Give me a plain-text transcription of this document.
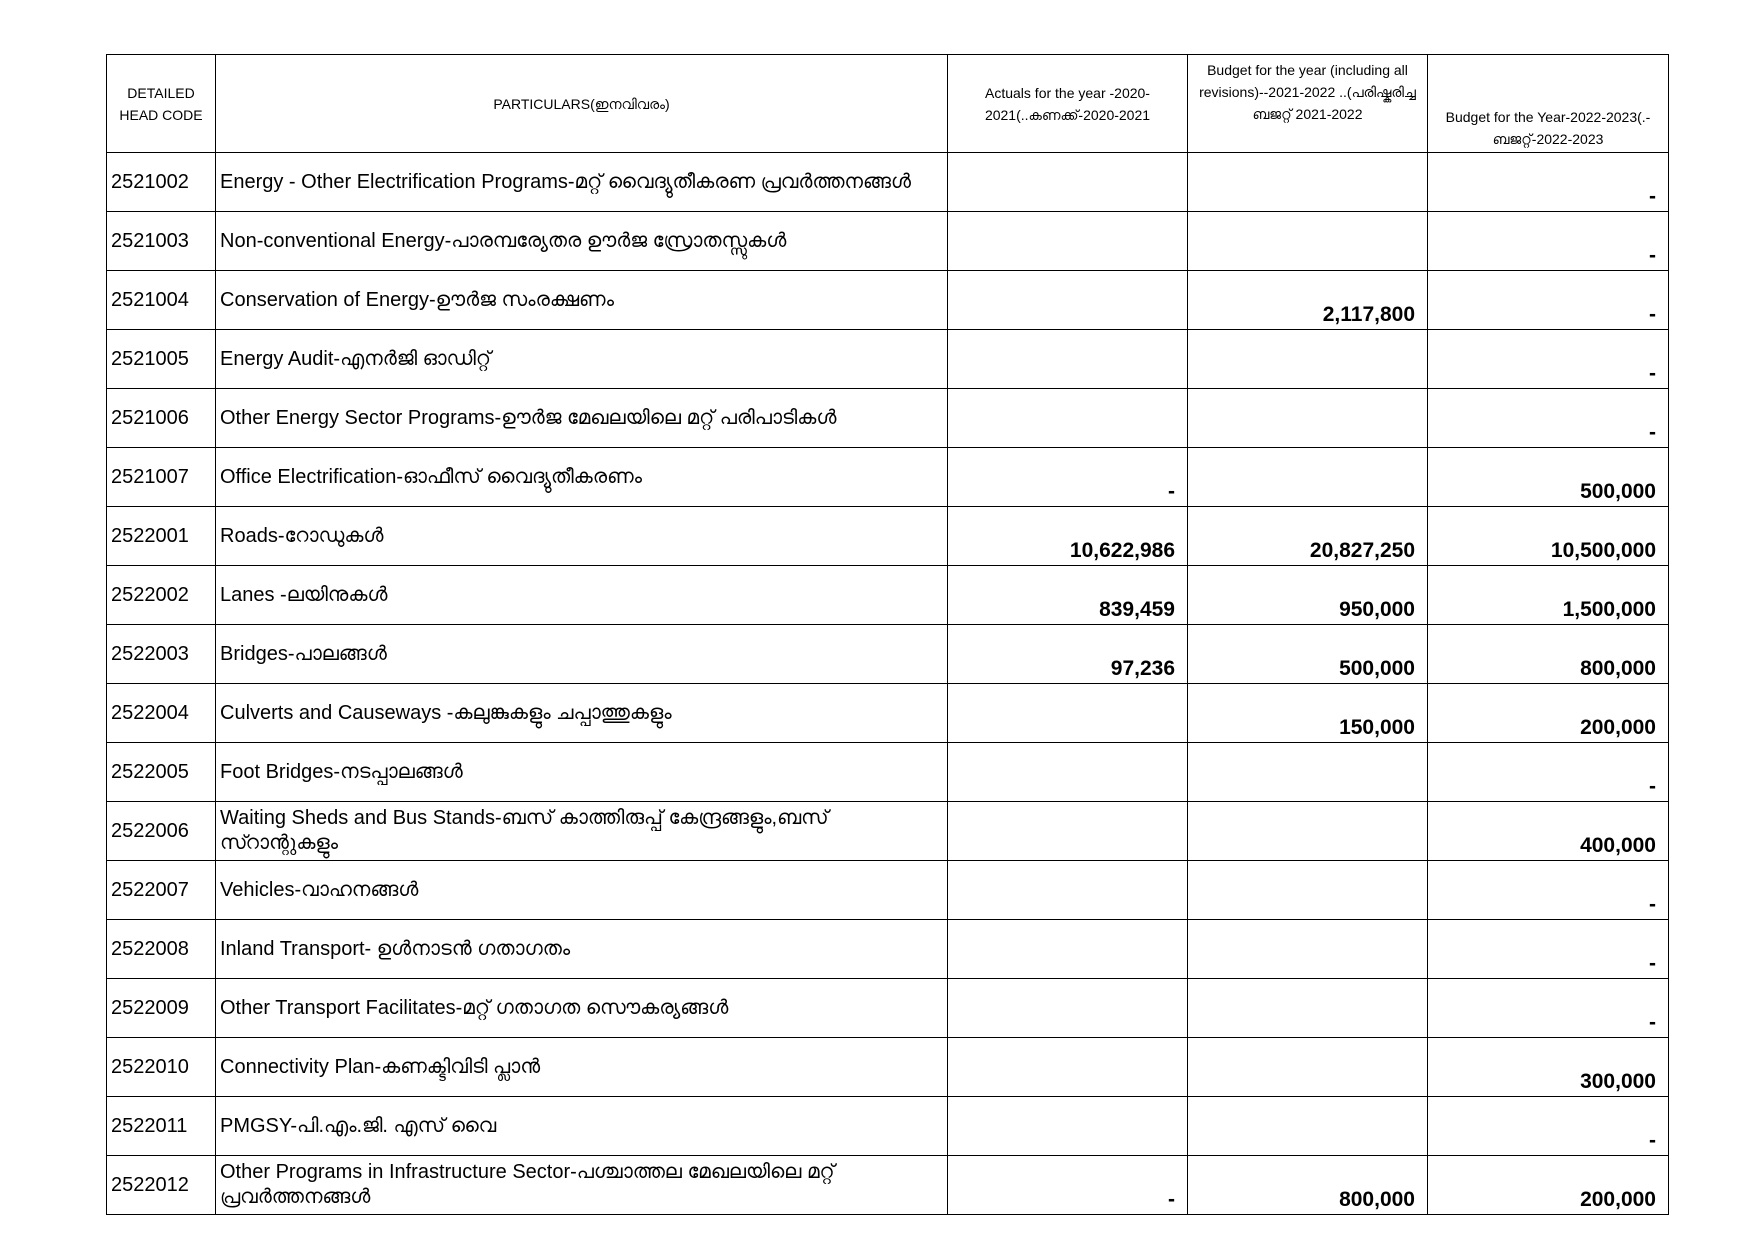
DETAILED HEAD CODE	PARTICULARS(ഇനവിവരം)	Actuals for the year -2020-2021(..കണക്ക്-2020-2021	Budget for the year (including all revisions)--2021-2022 ..(പരിഷ്കരിച്ച ബജറ്റ് 2021-2022	Budget for the Year-2022-2023(.-ബജറ്റ്-2022-2023
2521002	Energy - Other Electrification Programs-മറ്റ് വൈദ്യുതീകരണ പ്രവർത്തനങ്ങൾ			-
2521003	Non-conventional Energy-പാരമ്പര്യേതര ഊർജ സ്രോതസ്സുകൾ			-
2521004	Conservation of Energy-ഊർജ സംരക്ഷണം		2,117,800	-
2521005	Energy Audit-എനർജി ഓഡിറ്റ്			-
2521006	Other Energy Sector Programs-ഊർജ മേഖലയിലെ മറ്റ് പരിപാടികൾ			-
2521007	Office Electrification-ഓഫീസ് വൈദ്യുതീകരണം	-		500,000
2522001	Roads-റോഡുകൾ	10,622,986	20,827,250	10,500,000
2522002	Lanes -ലയിനുകൾ	839,459	950,000	1,500,000
2522003	Bridges-പാലങ്ങൾ	97,236	500,000	800,000
2522004	Culverts and Causeways -കലുങ്കുകളും ചപ്പാത്തുകളും		150,000	200,000
2522005	Foot Bridges-നടപ്പാലങ്ങൾ			-
2522006	Waiting Sheds and Bus Stands-ബസ് കാത്തിരുപ്പ് കേന്ദ്രങ്ങളും,ബസ് സ്റാന്റുകളും			400,000
2522007	Vehicles-വാഹനങ്ങൾ			-
2522008	Inland Transport- ഉൾനാടൻ ഗതാഗതം			-
2522009	Other Transport Facilitates-മറ്റ് ഗതാഗത സൌകര്യങ്ങൾ			-
2522010	Connectivity Plan-കണക്ടിവിടി പ്ലാൻ			300,000
2522011	PMGSY-പി.എം.ജി. എസ് വൈ			-
2522012	Other Programs in Infrastructure Sector-പശ്ചാത്തല മേഖലയിലെ മറ്റ് പ്രവർത്തനങ്ങൾ	-	800,000	200,000
